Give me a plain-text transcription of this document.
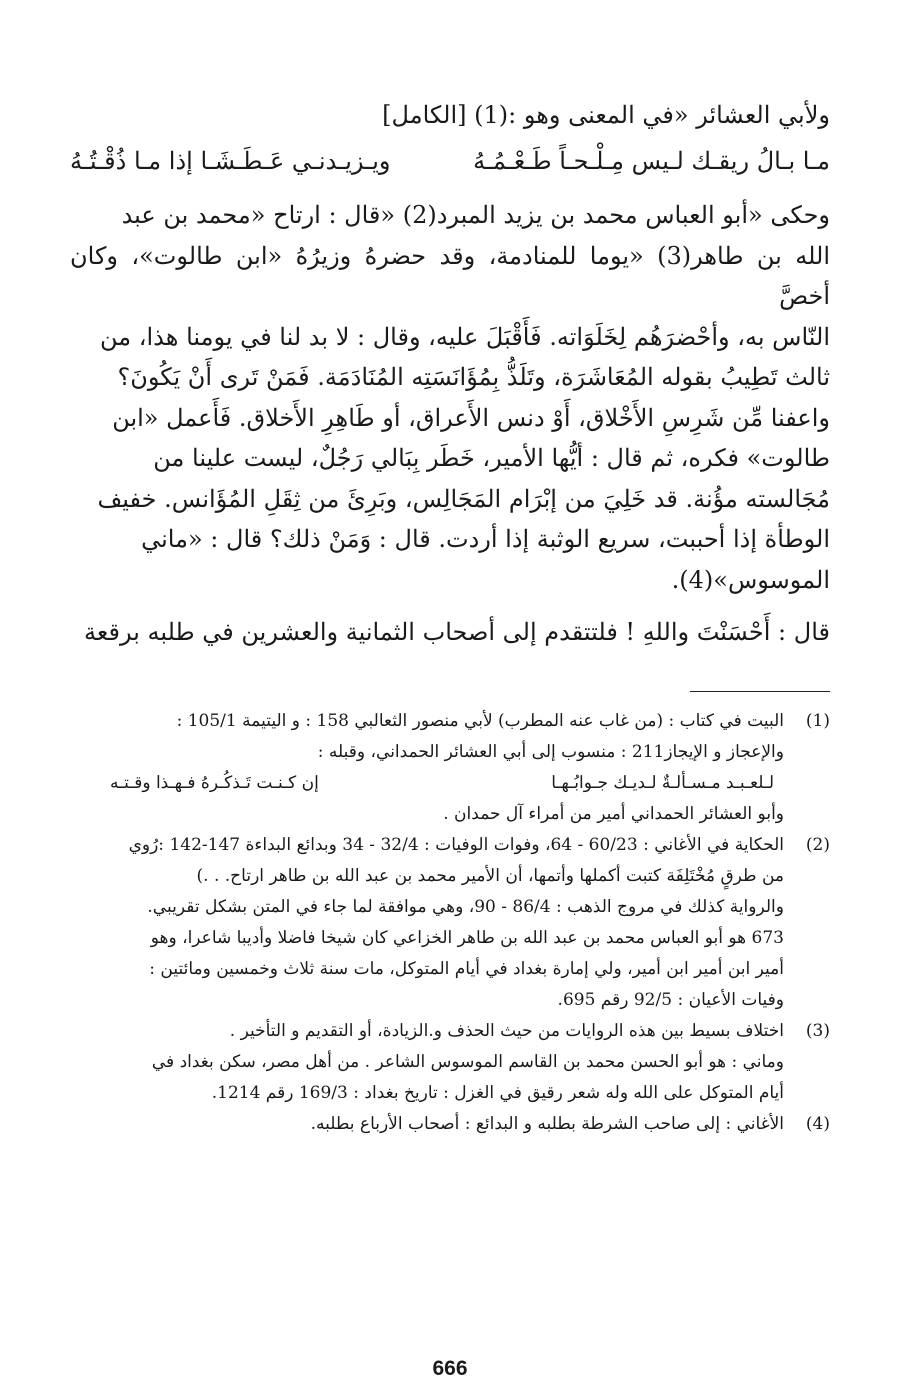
ولأبي العشائر «في المعنى وهو :(1) [الكامل]

مـا بـالُ ريقـك لـيس مِـلْـحـاً طَـعْـمُـهُ
ويـزيـدنـي عَـطَـشَـا إذا مـا ذُقْـتُـهُ

وحكى «أبو العباس محمد بن يزيد المبرد(2) «قال : ارتاح «محمد بن عبد

الله بن طاهر(3) «يوما للمنادمة، وقد حضرهُ وزيرُهُ «ابن طالوت»، وكان أخصَّ

النّاس به، وأحْضرَهُم لِخَلَوَاته. فَأَقْبَلَ عليه، وقال : لا بد لنا في يومنا هذا، من

ثالث تَطِيبُ بقوله المُعَاشَرَة، وتَلَذُّ بِمُؤَانَسَتِه المُنَادَمَة. فَمَنْ تَرى أَنْ يَكُونَ؟

واعفنا مِّن شَرِسِ الأَخْلاق، أَوْ دنس الأَعراق، أو طَاهِرِ الأَخلاق. فَأَعمل «ابن

طالوت» فكره، ثم قال : أيُّها الأمير، خَطَر بِبَالي رَجُلٌ، ليست علينا من

مُجَالسته مؤُنة. قد خَلِيَ من إبْرَام المَجَالِس، وبَرِئَ من ثِقَلِ المُؤَانس. خفيف

الوطأة إذا أحببت، سريع الوثبة إذا أردت. قال : وَمَنْ ذلك؟ قال : «ماني

الموسوس»(4).

قال : أَحْسَنْتَ واللهِ ! فلتتقدم إلى أصحاب الثمانية والعشرين في طلبه برقعة

(1)

البيت في كتاب : (من غاب عنه المطرب) لأبي منصور الثعالبي 158 : و اليتيمة 105/1 :

والإعجاز و الإيجاز211 : منسوب إلى أبي العشائر الحمداني، وقبله :

لـلعـبـد مـسـألـةٌ لـديـك جـوابُـهـا
إن كـنـت تَـذكُـرهُ فـهـذا وقـتـه

وأبو العشائر الحمداني أمير من أمراء آل حمدان .

(2)

الحكاية في الأغاني : 60/23 - 64، وفوات الوفيات : 32/4 - 34 وبدائع البداءة 147-142 :رُوي

من طرقٍ مُخْتَلِفَة كتبت أكملها وأتمها، أن الأمير محمد بن عبد الله بن طاهر ارتاح. . .)

والرواية كذلك في مروج الذهب : 86/4 - 90، وهي موافقة لما جاء في المتن بشكل تقريبي.

673 هو أبو العباس محمد بن عبد الله بن طاهر الخزاعي كان شيخا فاضلا وأديبا شاعرا، وهو

أمير ابن أمير ابن أمير، ولي إمارة بغداد في أيام المتوكل، مات سنة ثلاث وخمسين ومائتين :

وفيات الأعيان : 92/5 رقم 695.

(3)

اختلاف بسيط بين هذه الروايات من حيث الحذف و.الزيادة، أو التقديم و التأخير .

وماني : هو أبو الحسن محمد بن القاسم الموسوس الشاعر . من أهل مصر، سكن بغداد في

أيام المتوكل على الله وله شعر رقيق في الغزل : تاريخ بغداد : 169/3 رقم 1214.

(4)

الأغاني : إلى صاحب الشرطة بطلبه و البدائع : أصحاب الأرباع بطلبه.

666
